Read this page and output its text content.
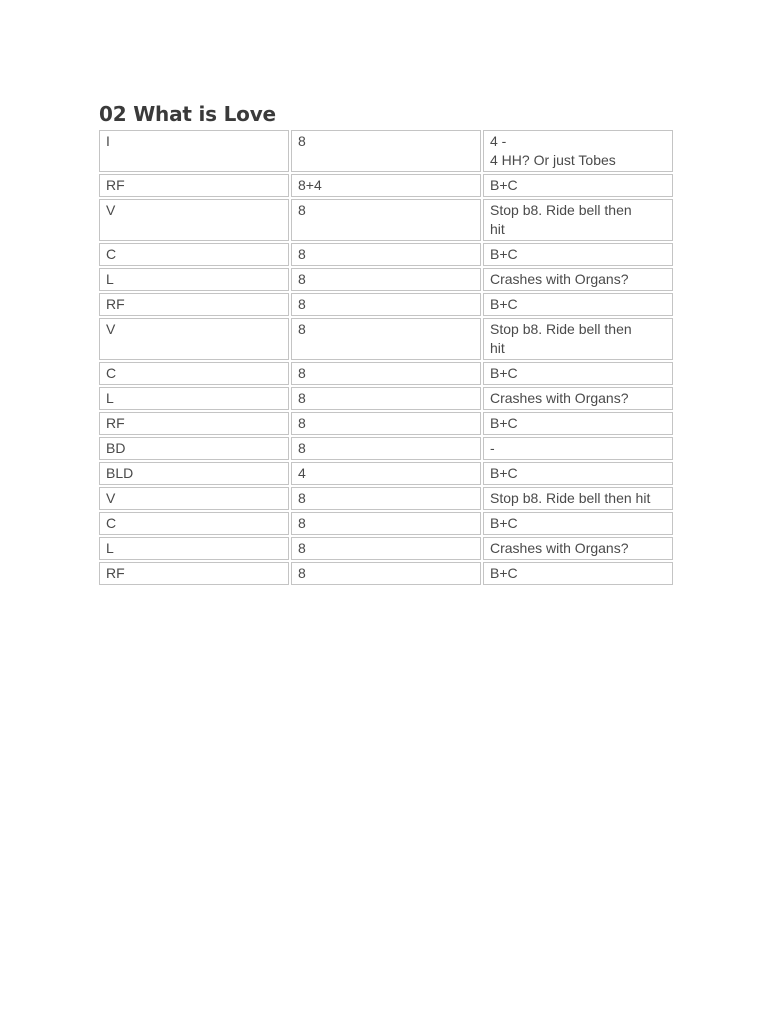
02 What is Love
I	8	4 -
4 HH? Or just Tobes

RF	8+4	B+C

V	8	Stop b8. Ride bell then
hit

C	8	B+C

L	8	Crashes with Organs?

RF	8	B+C

V	8	Stop b8. Ride bell then
hit

C	8	B+C

L	8	Crashes with Organs?

RF	8	B+C

BD	8	-

BLD	4	B+C

V	8	Stop b8. Ride bell then hit

C	8	B+C

L	8	Crashes with Organs?

RF	8	B+C
